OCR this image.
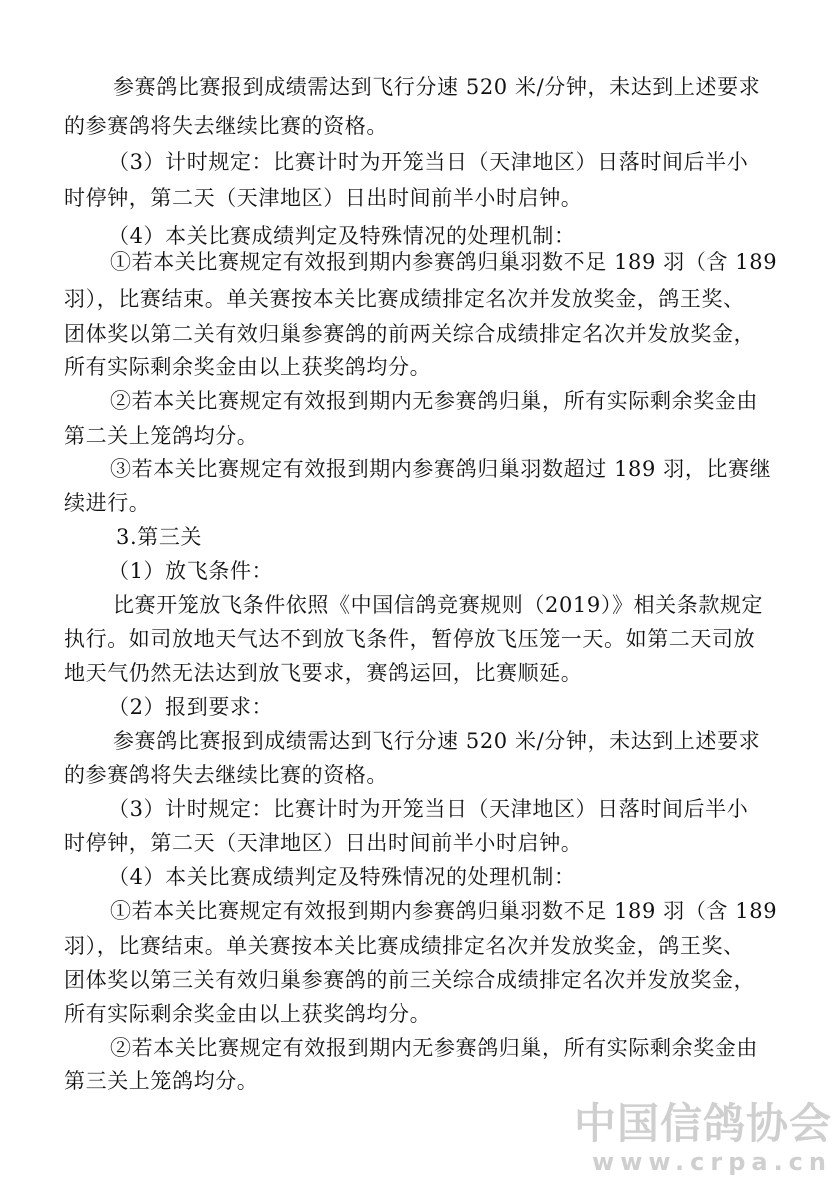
参赛鸽比赛报到成绩需达到飞行分速 520 米/分钟，未达到上述要求
的参赛鸽将失去继续比赛的资格。
（3）计时规定：比赛计时为开笼当日（天津地区）日落时间后半小
时停钟，第二天（天津地区）日出时间前半小时启钟。
（4）本关比赛成绩判定及特殊情况的处理机制：
①若本关比赛规定有效报到期内参赛鸽归巢羽数不足 189 羽（含 189
羽），比赛结束。单关赛按本关比赛成绩排定名次并发放奖金，鸽王奖、
团体奖以第二关有效归巢参赛鸽的前两关综合成绩排定名次并发放奖金，
所有实际剩余奖金由以上获奖鸽均分。
②若本关比赛规定有效报到期内无参赛鸽归巢，所有实际剩余奖金由
第二关上笼鸽均分。
③若本关比赛规定有效报到期内参赛鸽归巢羽数超过 189 羽，比赛继
续进行。
3.第三关
（1）放飞条件：
比赛开笼放飞条件依照《中国信鸽竞赛规则（2019）》相关条款规定
执行。如司放地天气达不到放飞条件，暂停放飞压笼一天。如第二天司放
地天气仍然无法达到放飞要求，赛鸽运回，比赛顺延。
（2）报到要求：
参赛鸽比赛报到成绩需达到飞行分速 520 米/分钟，未达到上述要求
的参赛鸽将失去继续比赛的资格。
（3）计时规定：比赛计时为开笼当日（天津地区）日落时间后半小
时停钟，第二天（天津地区）日出时间前半小时启钟。
（4）本关比赛成绩判定及特殊情况的处理机制：
①若本关比赛规定有效报到期内参赛鸽归巢羽数不足 189 羽（含 189
羽），比赛结束。单关赛按本关比赛成绩排定名次并发放奖金，鸽王奖、
团体奖以第三关有效归巢参赛鸽的前三关综合成绩排定名次并发放奖金，
所有实际剩余奖金由以上获奖鸽均分。
②若本关比赛规定有效报到期内无参赛鸽归巢，所有实际剩余奖金由
第三关上笼鸽均分。
中国信鸽协会
www.crpa.cn
